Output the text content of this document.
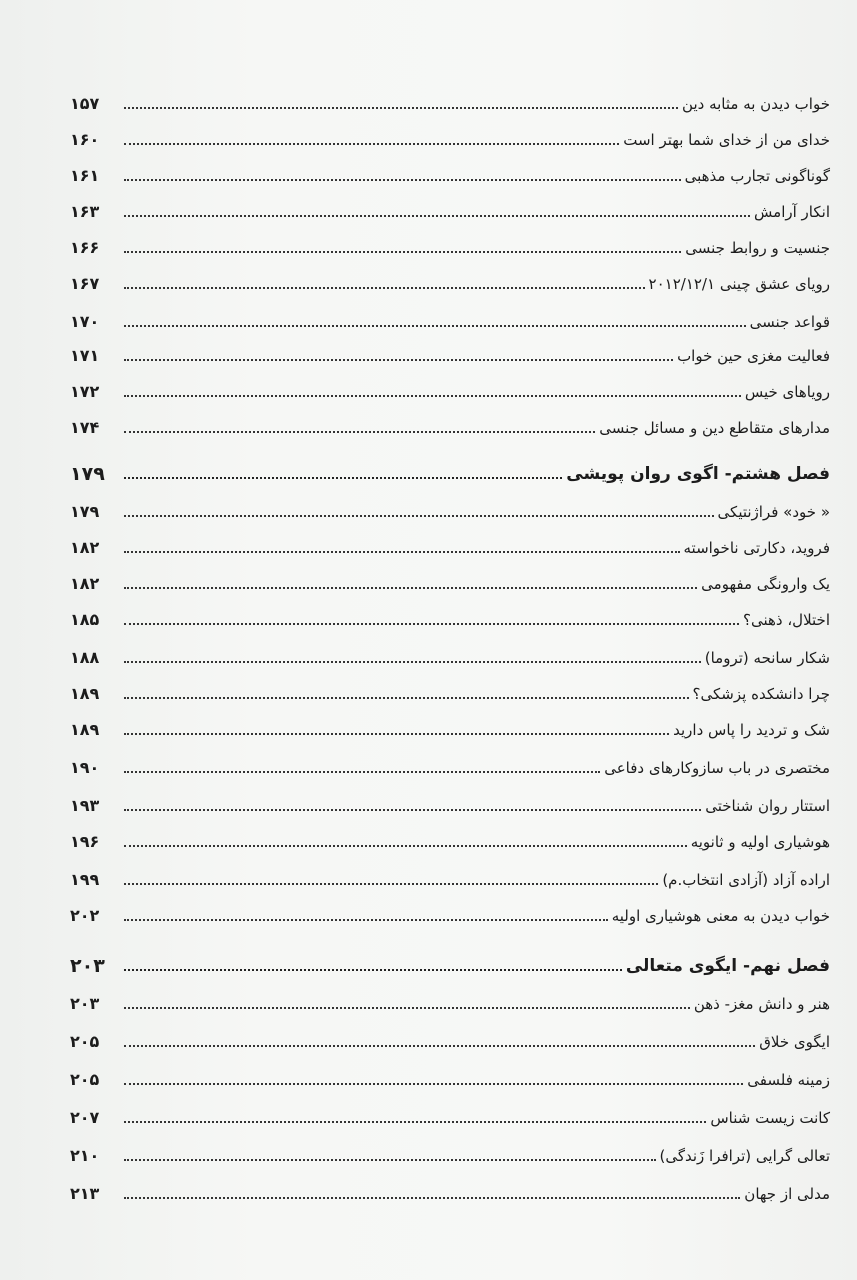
خواب دیدن به مثابه دین
۱۵۷
خدای من از خدای شما بهتر است
۱۶۰
گوناگونی تجارب مذهبی
۱۶۱
انکار آرامش
۱۶۳
جنسیت و روابط جنسی
۱۶۶
رویای عشق چینی ۲۰۱۲/۱۲/۱
۱۶۷
قواعد جنسی
۱۷۰
فعالیت مغزی حین خواب
۱۷۱
رویاهای خیس
۱۷۲
مدارهای متقاطع دین و مسائل جنسی
۱۷۴
فصل هشتم- اگوی روان پویشی
۱۷۹
« خود» فراژنتیکی
۱۷۹
فروید، دکارتی ناخواسته
۱۸۲
یک وارونگی مفهومی
۱۸۲
اختلال، ذهنی؟
۱۸۵
شکار سانحه (تروما)
۱۸۸
چرا دانشکده پزشکی؟
۱۸۹
شک و تردید را پاس دارید
۱۸۹
مختصری در باب سازوکارهای دفاعی
۱۹۰
استتار روان شناختی
۱۹۳
هوشیاری اولیه و ثانویه
۱۹۶
اراده آزاد (آزادی انتخاب.م)
۱۹۹
خواب دیدن به معنی هوشیاری اولیه
۲۰۲
فصل نهم- ایگوی متعالی
۲۰۳
هنر و دانش مغز- ذهن
۲۰۳
ایگوی خلاق
۲۰۵
زمینه فلسفی
۲۰۵
کانت زیست شناس
۲۰۷
تعالی گرایی (ترافرا زَندگی)
۲۱۰
مدلی از جهان
۲۱۳
